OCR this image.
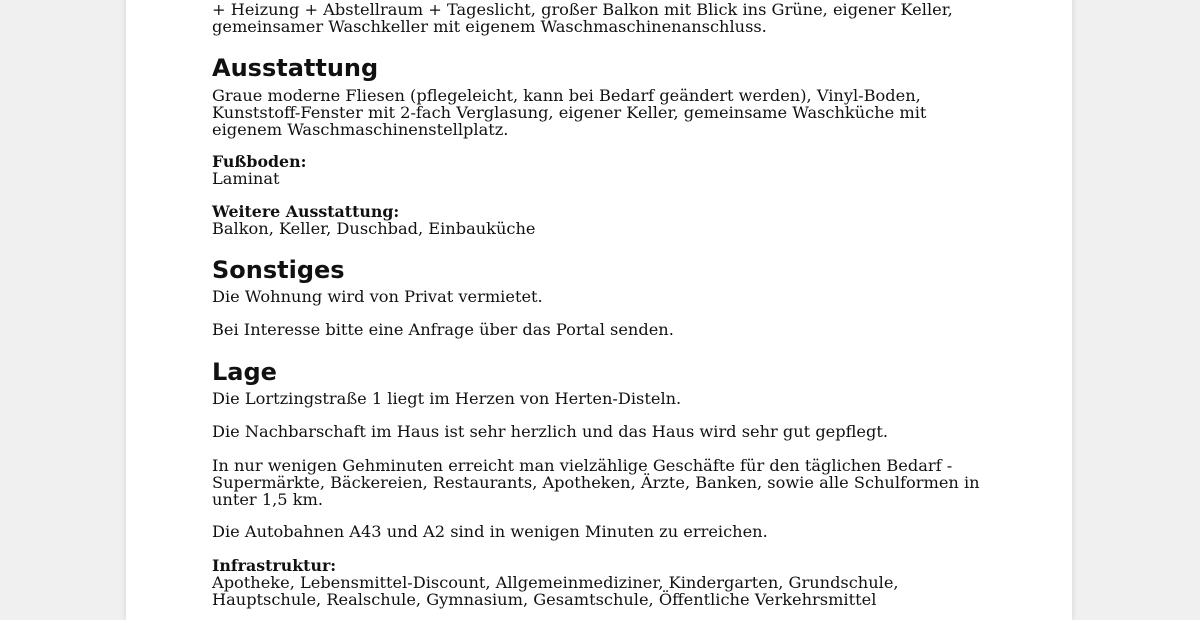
+ Heizung + Abstellraum + Tageslicht, großer Balkon mit Blick ins Grüne, eigener Keller,
gemeinsamer Waschkeller mit eigenem Waschmaschinenanschluss.

Ausstattung

Graue moderne Fliesen (pflegeleicht, kann bei Bedarf geändert werden), Vinyl-Boden,
Kunststoff-Fenster mit 2-fach Verglasung, eigener Keller, gemeinsame Waschküche mit
eigenem Waschmaschinenstellplatz.

Fußboden:

Laminat

Weitere Ausstattung:

Balkon, Keller, Duschbad, Einbauküche

Sonstiges

Die Wohnung wird von Privat vermietet.

Bei Interesse bitte eine Anfrage über das Portal senden.

Lage

Die Lortzingstraße 1 liegt im Herzen von Herten-Disteln.

Die Nachbarschaft im Haus ist sehr herzlich und das Haus wird sehr gut gepflegt.

In nur wenigen Gehminuten erreicht man vielzählige Geschäfte für den täglichen Bedarf -
Supermärkte, Bäckereien, Restaurants, Apotheken, Ärzte, Banken, sowie alle Schulformen in
unter 1,5 km.

Die Autobahnen A43 und A2 sind in wenigen Minuten zu erreichen.

Infrastruktur:

Apotheke, Lebensmittel-Discount, Allgemeinmediziner, Kindergarten, Grundschule,
Hauptschule, Realschule, Gymnasium, Gesamtschule, Öffentliche Verkehrsmittel
